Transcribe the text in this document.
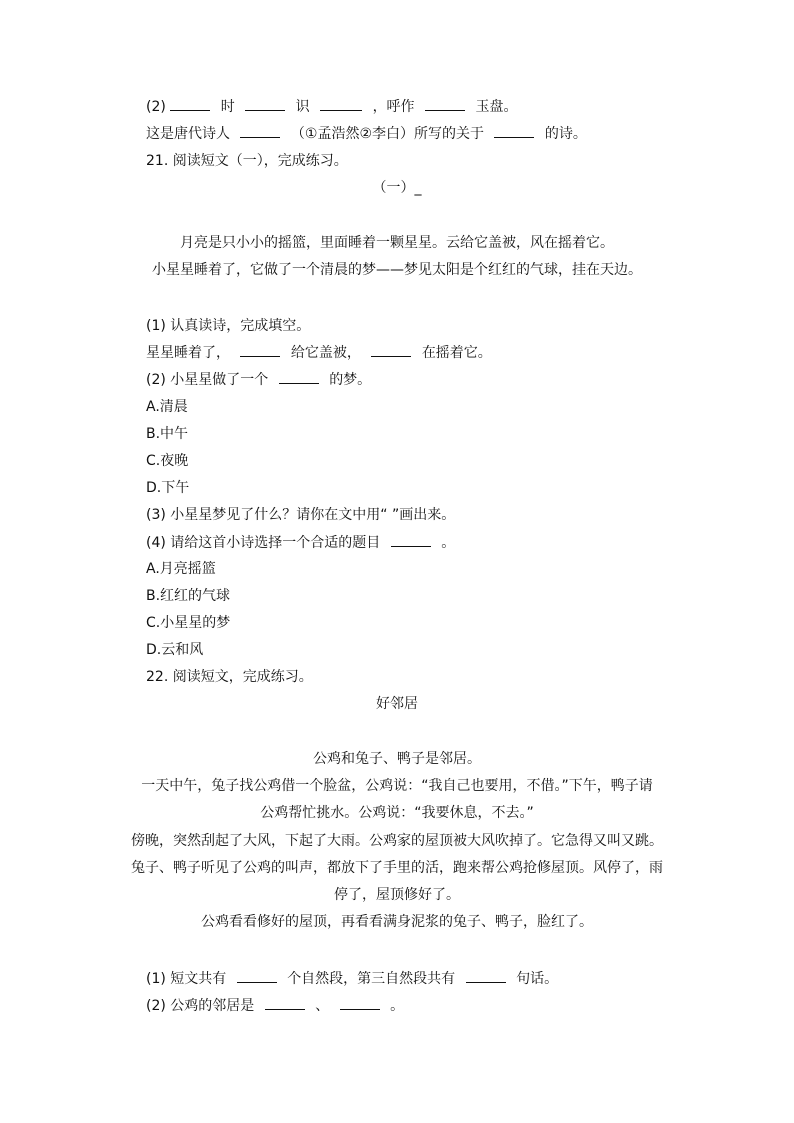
(2)	时	识	，呼作	玉盘。
这是唐代诗人	（①孟浩然②李白）所写的关于	的诗。
21. 阅读短文（一），完成练习。
（一）_
月亮是只小小的摇篮，里面睡着一颗星星。云给它盖被，风在摇着它。
小星星睡着了，它做了一个清晨的梦——梦见太阳是个红红的气球，挂在天边。
(1) 认真读诗，完成填空。
星星睡着了，	给它盖被，	在摇着它。
(2) 小星星做了一个	的梦。
A.清晨
B.中午
C.夜晚
D.下午
(3) 小星星梦见了什么？请你在文中用“ ”画出来。
(4) 请给这首小诗选择一个合适的题目	。
A.月亮摇篮
B.红红的气球
C.小星星的梦
D.云和风
22. 阅读短文，完成练习。
好邻居
公鸡和兔子、鸭子是邻居。
一天中午，兔子找公鸡借一个脸盆，公鸡说：“我自己也要用，不借。”下午，鸭子请
公鸡帮忙挑水。公鸡说：“我要休息，不去。”
傍晚，突然刮起了大风，下起了大雨。公鸡家的屋顶被大风吹掉了。它急得又叫又跳。
兔子、鸭子听见了公鸡的叫声，都放下了手里的活，跑来帮公鸡抢修屋顶。风停了，雨
停了，屋顶修好了。
公鸡看看修好的屋顶，再看看满身泥浆的兔子、鸭子，脸红了。
(1) 短文共有	个自然段，第三自然段共有	句话。
(2) 公鸡的邻居是	、	。
